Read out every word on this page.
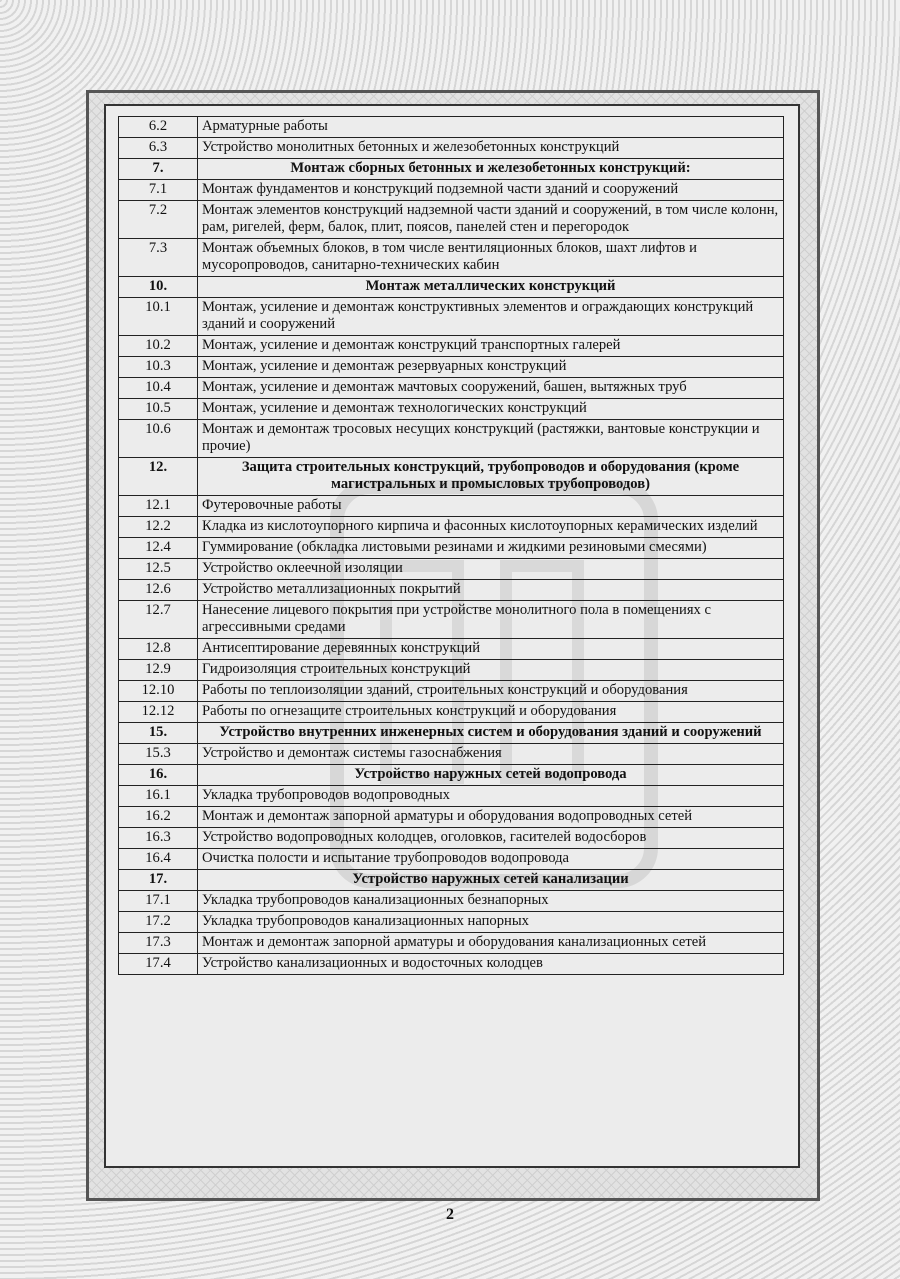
6.2	Арматурные работы
6.3	Устройство монолитных бетонных и железобетонных конструкций
7.	Монтаж сборных бетонных и железобетонных конструкций:
7.1	Монтаж фундаментов и конструкций подземной части зданий и сооружений
7.2	Монтаж элементов конструкций надземной части зданий и сооружений, в том числе колонн, рам, ригелей, ферм, балок, плит, поясов, панелей стен и перегородок
7.3	Монтаж объемных блоков, в том числе вентиляционных блоков, шахт лифтов и мусоропроводов, санитарно-технических кабин
10.	Монтаж металлических конструкций
10.1	Монтаж, усиление и демонтаж конструктивных элементов и ограждающих конструкций зданий и сооружений
10.2	Монтаж, усиление и демонтаж конструкций транспортных галерей
10.3	Монтаж, усиление и демонтаж резервуарных конструкций
10.4	Монтаж, усиление и демонтаж мачтовых сооружений, башен, вытяжных труб
10.5	Монтаж, усиление и демонтаж технологических конструкций
10.6	Монтаж и демонтаж тросовых несущих конструкций (растяжки, вантовые конструкции и прочие)
12.	Защита строительных конструкций, трубопроводов и оборудования (кроме магистральных и промысловых трубопроводов)
12.1	Футеровочные работы
12.2	Кладка из кислотоупорного кирпича и фасонных кислотоупорных керамических изделий
12.4	Гуммирование (обкладка листовыми резинами и жидкими резиновыми смесями)
12.5	Устройство оклеечной изоляции
12.6	Устройство металлизационных покрытий
12.7	Нанесение лицевого покрытия при устройстве монолитного пола в помещениях с агрессивными средами
12.8	Антисептирование деревянных конструкций
12.9	Гидроизоляция строительных конструкций
12.10	Работы по теплоизоляции зданий, строительных конструкций и оборудования
12.12	Работы по огнезащите строительных конструкций и оборудования
15.	Устройство внутренних инженерных систем и оборудования зданий и сооружений
15.3	Устройство и демонтаж системы газоснабжения
16.	Устройство наружных сетей водопровода
16.1	Укладка трубопроводов водопроводных
16.2	Монтаж и демонтаж запорной арматуры и оборудования водопроводных сетей
16.3	Устройство водопроводных колодцев, оголовков, гасителей водосборов
16.4	Очистка полости и испытание трубопроводов водопровода
17.	Устройство наружных сетей канализации
17.1	Укладка трубопроводов канализационных безнапорных
17.2	Укладка трубопроводов канализационных напорных
17.3	Монтаж и демонтаж запорной арматуры и оборудования канализационных сетей
17.4	Устройство канализационных и водосточных колодцев
2
